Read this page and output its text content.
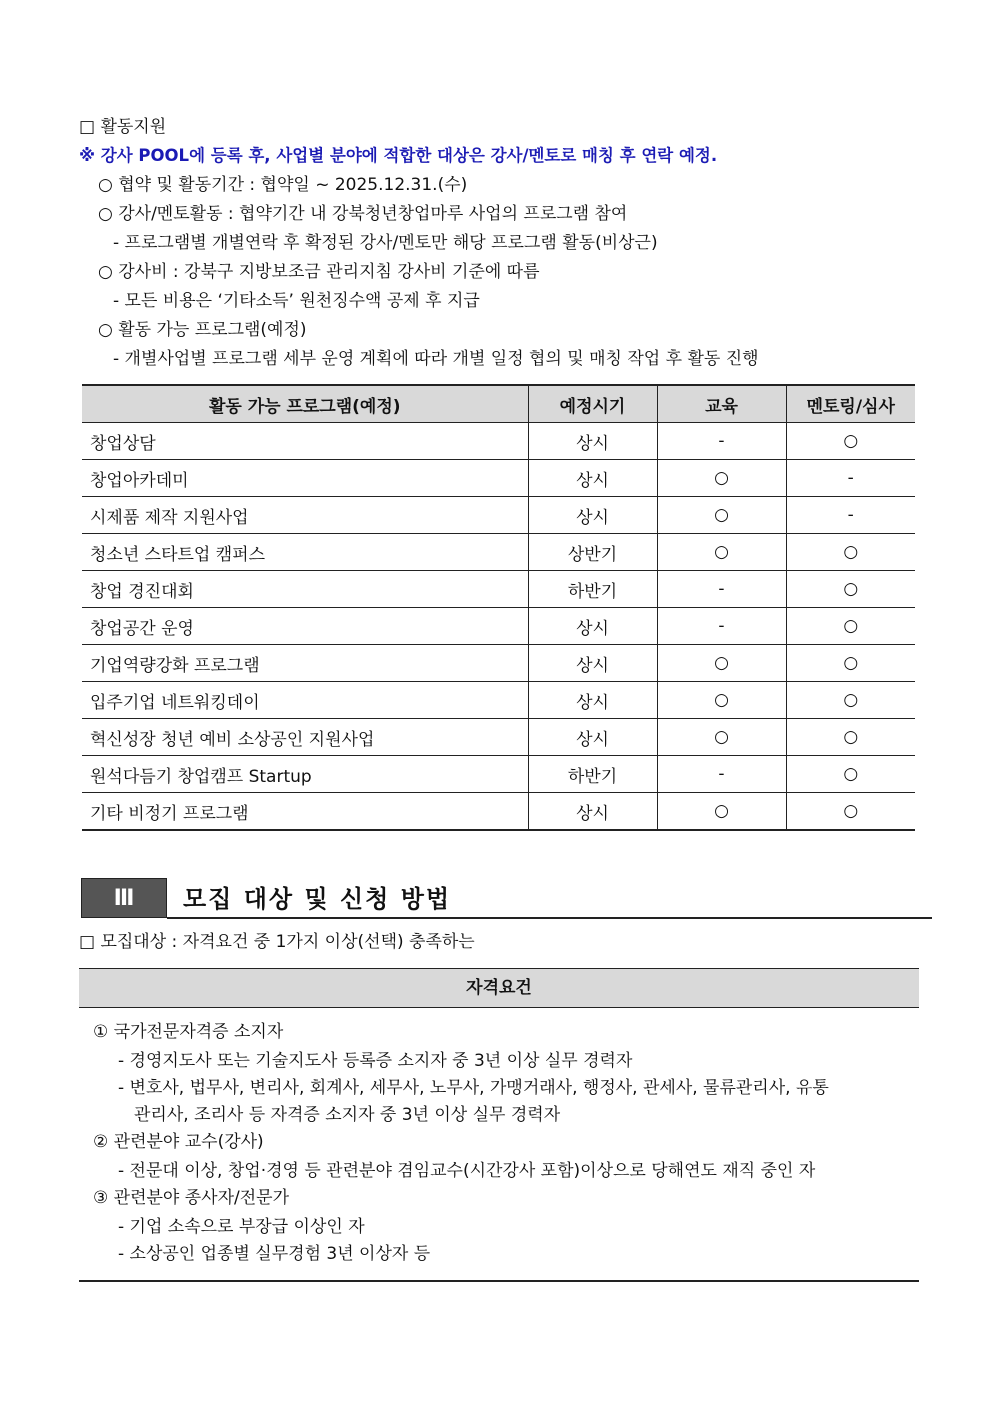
□ 활동지원
※ 강사 POOL에 등록 후, 사업별 분야에 적합한 대상은 강사/멘토로 매칭 후 연락 예정.
○ 협약 및 활동기간 : 협약일 ~ 2025.12.31.(수)
○ 강사/멘토활동 : 협약기간 내 강북청년창업마루 사업의 프로그램 참여
- 프로그램별 개별연락 후 확정된 강사/멘토만 해당 프로그램 활동(비상근)
○ 강사비 : 강북구 지방보조금 관리지침 강사비 기준에 따름
- 모든 비용은 ‘기타소득’ 원천징수액 공제 후 지급
○ 활동 가능 프로그램(예정)
- 개별사업별 프로그램 세부 운영 계획에 따라 개별 일정 협의 및 매칭 작업 후 활동 진행
활동 가능 프로그램(예정)	예정시기	교육	멘토링/심사
창업상담	상시	-	○
창업아카데미	상시	○	-
시제품 제작 지원사업	상시	○	-
청소년 스타트업 캠퍼스	상반기	○	○
창업 경진대회	하반기	-	○
창업공간 운영	상시	-	○
기업역량강화 프로그램	상시	○	○
입주기업 네트워킹데이	상시	○	○
혁신성장 청년 예비 소상공인 지원사업	상시	○	○
원석다듬기 창업캠프 Startup	하반기	-	○
기타 비정기 프로그램	상시	○	○
Ⅲ	모집 대상 및 신청 방법
□ 모집대상 : 자격요건 중 1가지 이상(선택) 충족하는
자격요건
① 국가전문자격증 소지자
- 경영지도사 또는 기술지도사 등록증 소지자 중 3년 이상 실무 경력자
- 변호사, 법무사, 변리사, 회계사, 세무사, 노무사, 가맹거래사, 행정사, 관세사, 물류관리사, 유통
관리사, 조리사 등 자격증 소지자 중 3년 이상 실무 경력자
② 관련분야 교수(강사)
- 전문대 이상, 창업·경영 등 관련분야 겸임교수(시간강사 포함)이상으로 당해연도 재직 중인 자
③ 관련분야 종사자/전문가
- 기업 소속으로 부장급 이상인 자
- 소상공인 업종별 실무경험 3년 이상자 등
